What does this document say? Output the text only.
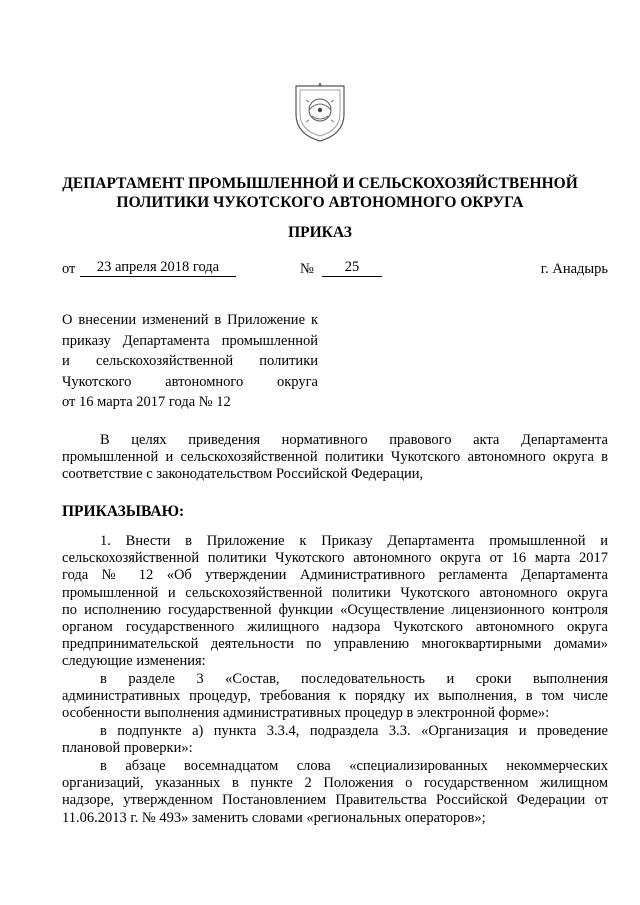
ДЕПАРТАМЕНТ ПРОМЫШЛЕННОЙ И СЕЛЬСКОХОЗЯЙСТВЕННОЙ
ПОЛИТИКИ ЧУКОТСКОГО АВТОНОМНОГО ОКРУГА
ПРИКАЗ
от	23 апреля 2018 года	№	25	г. Анадырь
О внесении изменений в Приложение к
приказу Департамента промышленной
и сельскохозяйственной политики
Чукотского автономного округа
от 16 марта 2017 года № 12
В целях приведения нормативного правового акта Департамента
промышленной и сельскохозяйственной политики Чукотского автономного округа в
соответствие с законодательством Российской Федерации,
ПРИКАЗЫВАЮ:
1. Внести в Приложение к Приказу Департамента промышленной и
сельскохозяйственной политики Чукотского автономного округа от 16 марта 2017
года № 12 «Об утверждении Административного регламента Департамента
промышленной и сельскохозяйственной политики Чукотского автономного округа
по исполнению государственной функции «Осуществление лицензионного контроля
органом государственного жилищного надзора Чукотского автономного округа
предпринимательской деятельности по управлению многоквартирными домами»
следующие изменения:
в разделе 3 «Состав, последовательность и сроки выполнения
административных процедур, требования к порядку их выполнения, в том числе
особенности выполнения административных процедур в электронной форме»:
в подпункте а) пункта 3.3.4, подраздела 3.3. «Организация и проведение
плановой проверки»:
в абзаце восемнадцатом слова «специализированных некоммерческих
организаций, указанных в пункте 2 Положения о государственном жилищном
надзоре, утвержденном Постановлением Правительства Российской Федерации от
11.06.2013 г. № 493» заменить словами «региональных операторов»;
